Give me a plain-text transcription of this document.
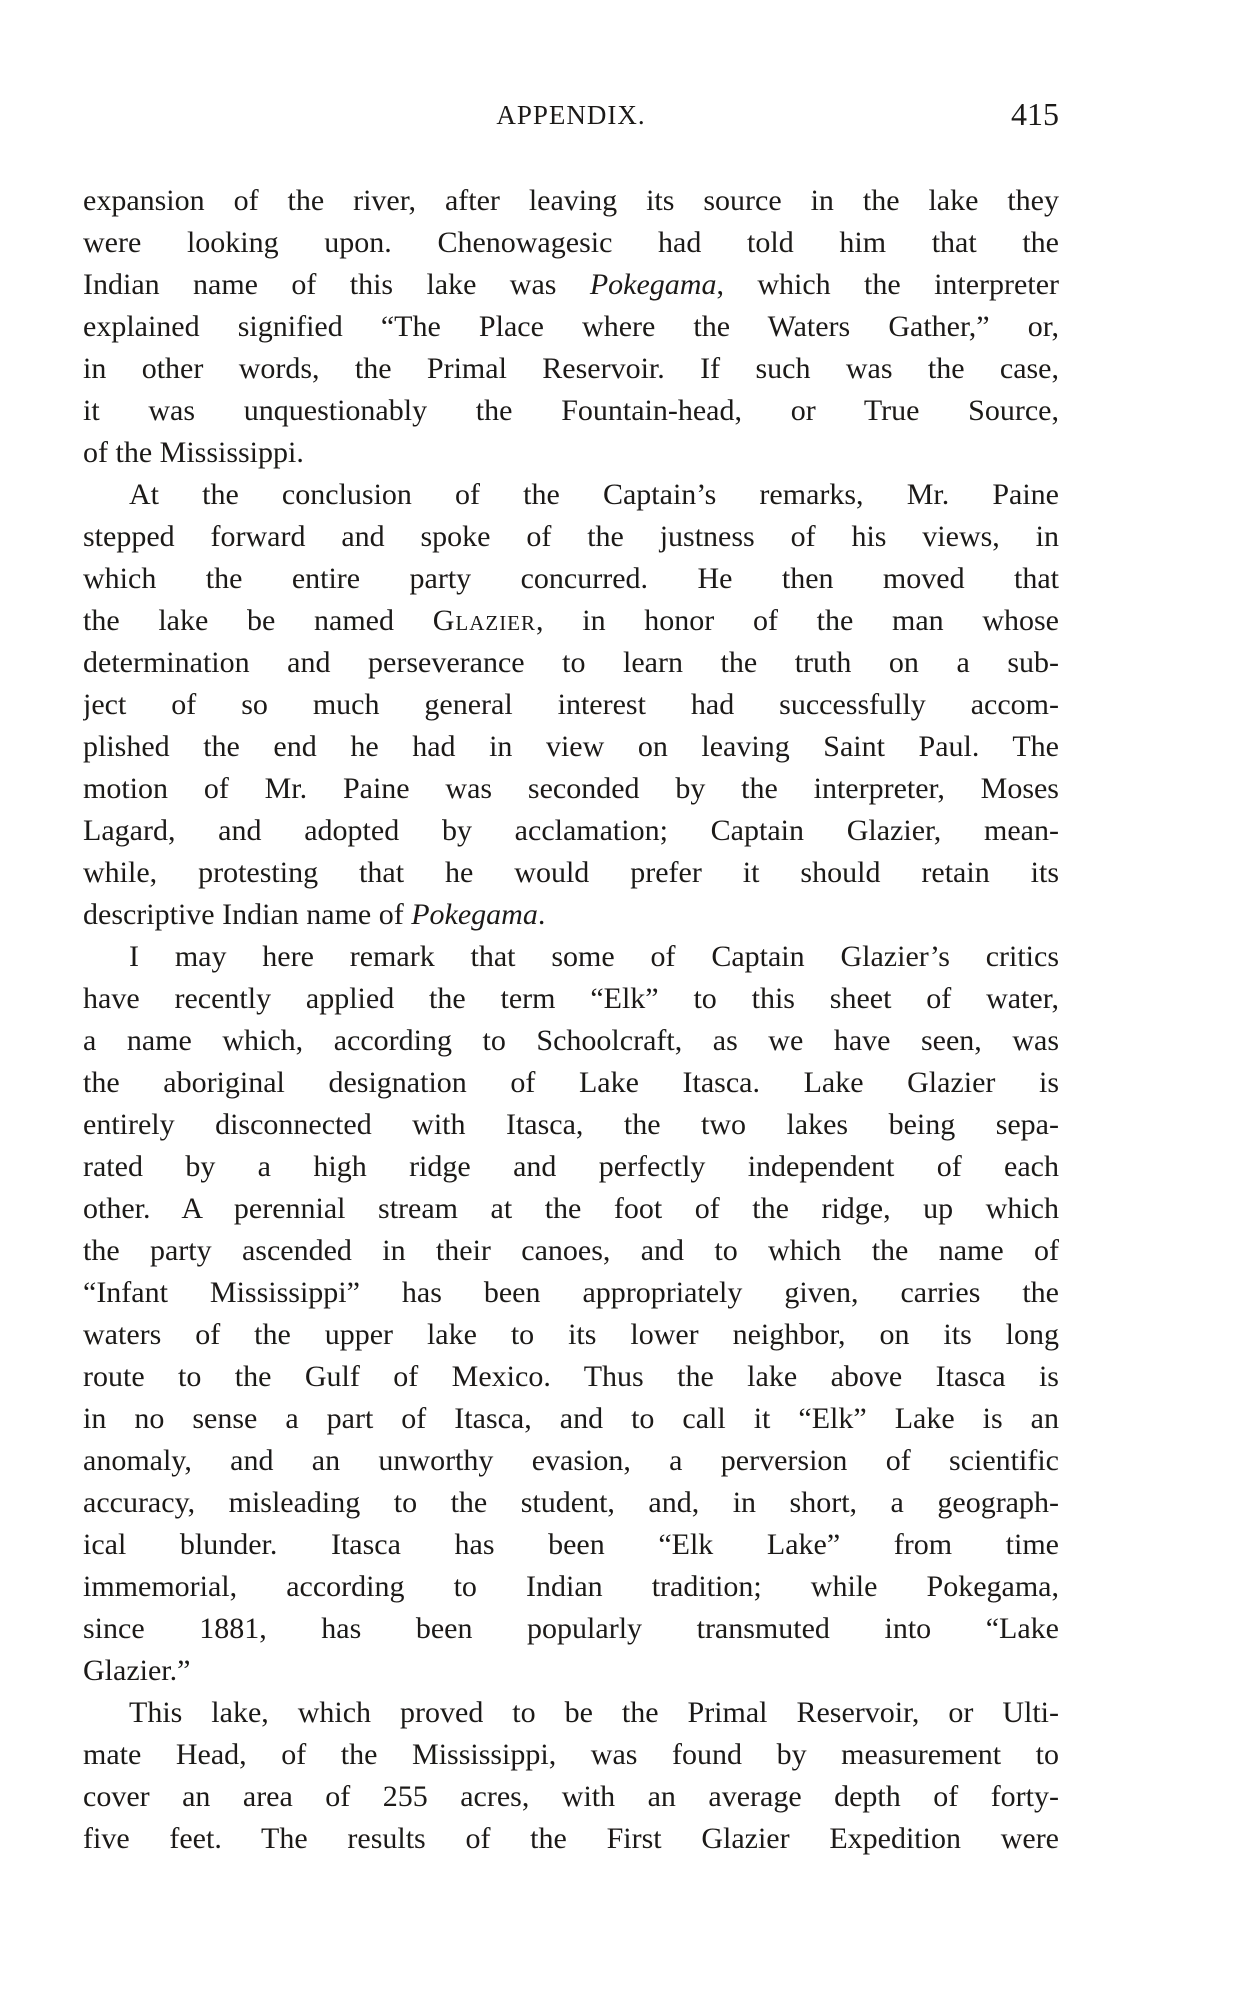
APPENDIX.	415
expansion of the river, after leaving its source in the lake they
were looking upon. Chenowagesic had told him that the
Indian name of this lake was Pokegama, which the interpreter
explained signified “The Place where the Waters Gather,” or,
in other words, the Primal Reservoir. If such was the case,
it was unquestionably the Fountain-head, or True Source,
of the Mississippi.
At the conclusion of the Captain’s remarks, Mr. Paine
stepped forward and spoke of the justness of his views, in
which the entire party concurred. He then moved that
the lake be named Glazier, in honor of the man whose
determination and perseverance to learn the truth on a sub-
ject of so much general interest had successfully accom-
plished the end he had in view on leaving Saint Paul. The
motion of Mr. Paine was seconded by the interpreter, Moses
Lagard, and adopted by acclamation; Captain Glazier, mean-
while, protesting that he would prefer it should retain its
descriptive Indian name of Pokegama.
I may here remark that some of Captain Glazier’s critics
have recently applied the term “Elk” to this sheet of water,
a name which, according to Schoolcraft, as we have seen, was
the aboriginal designation of Lake Itasca. Lake Glazier is
entirely disconnected with Itasca, the two lakes being sepa-
rated by a high ridge and perfectly independent of each
other. A perennial stream at the foot of the ridge, up which
the party ascended in their canoes, and to which the name of
“Infant Mississippi” has been appropriately given, carries the
waters of the upper lake to its lower neighbor, on its long
route to the Gulf of Mexico. Thus the lake above Itasca is
in no sense a part of Itasca, and to call it “Elk” Lake is an
anomaly, and an unworthy evasion, a perversion of scientific
accuracy, misleading to the student, and, in short, a geograph-
ical blunder. Itasca has been “Elk Lake” from time
immemorial, according to Indian tradition; while Pokegama,
since 1881, has been popularly transmuted into “Lake
Glazier.”
This lake, which proved to be the Primal Reservoir, or Ulti-
mate Head, of the Mississippi, was found by measurement to
cover an area of 255 acres, with an average depth of forty-
five feet. The results of the First Glazier Expedition were
